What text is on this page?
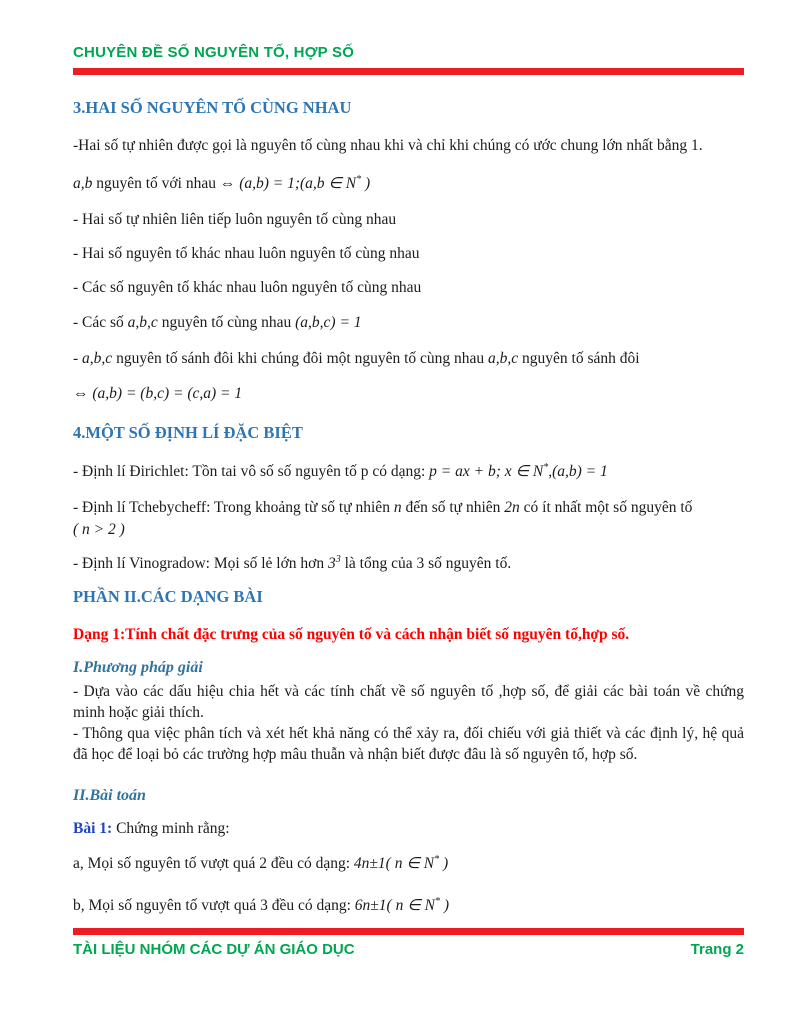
CHUYÊN ĐỀ SỐ NGUYÊN TỐ, HỢP SỐ
3.HAI SỐ NGUYÊN TỐ CÙNG NHAU

-Hai số tự nhiên được gọi là nguyên tố cùng nhau khi và chỉ khi chúng có ước chung lớn nhất bằng 1.

a,b nguyên tố với nhau ⇔ (a,b) = 1;(a,b ∈ N* )

- Hai số tự nhiên liên tiếp luôn nguyên tố cùng nhau

- Hai số nguyên tố khác nhau luôn nguyên tố cùng nhau

- Các số nguyên tố khác nhau luôn nguyên tố cùng nhau

- Các số a,b,c nguyên tố cùng nhau (a,b,c) = 1

- a,b,c nguyên tố sánh đôi khi chúng đôi một nguyên tố cùng nhau a,b,c nguyên tố sánh đôi

⇔ (a,b) = (b,c) = (c,a) = 1

4.MỘT SỐ ĐỊNH LÍ ĐẶC BIỆT

- Định lí Đirichlet: Tồn tai vô số số nguyên tố p có dạng: p = ax + b; x ∈ N*,(a,b) = 1

- Định lí Tchebycheff: Trong khoảng từ số tự nhiên n đến số tự nhiên 2n có ít nhất một số nguyên tố

( n > 2 )

- Định lí Vinogradow: Mọi số lẻ lớn hơn $3^3$ là tổng của 3 số nguyên tố.

PHẦN II.CÁC DẠNG BÀI
Dạng 1:Tính chất đặc trưng của số nguyên tố và cách nhận biết số nguyên tố,hợp số.
I.Phương pháp giải

- Dựa vào các dấu hiệu chia hết và các tính chất về số nguyên tố ,hợp số, để giải các bài toán về chứng minh hoặc giải thích.

- Thông qua việc phân tích và xét hết khả năng có thể xảy ra, đối chiếu với giả thiết và các định lý, hệ quả đã học để loại bỏ các trường hợp mâu thuẫn và nhận biết được đâu là số nguyên tố, hợp số.

II.Bài toán

Bài 1: Chứng minh rằng:

a, Mọi số nguyên tố vượt quá 2 đều có dạng: 4n±1( n ∈ N* )

b, Mọi số nguyên tố vượt quá 3 đều có dạng: 6n±1( n ∈ N* )

TÀI LIỆU NHÓM CÁC DỰ ÁN GIÁO DỤC	Trang 2
